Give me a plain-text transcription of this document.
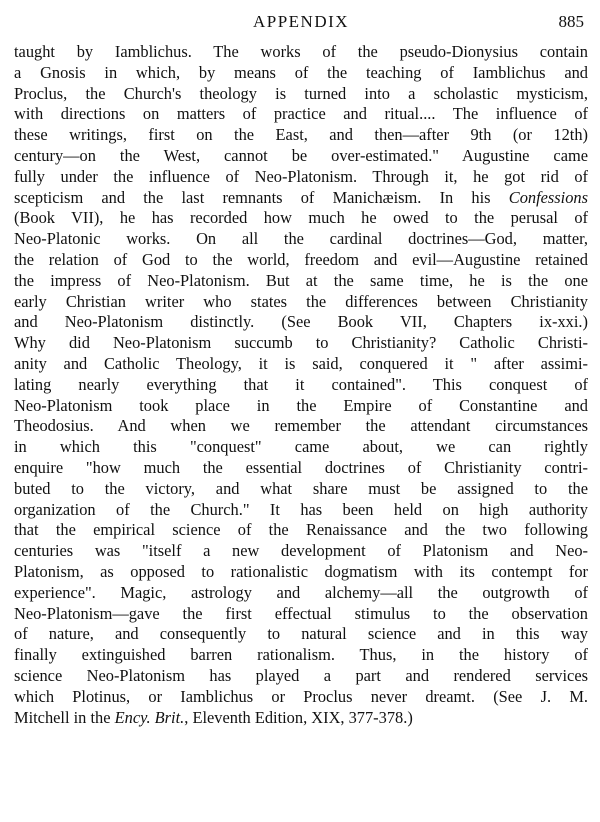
APPENDIX	885
taught by Iamblichus. The works of the pseudo-Dionysius contain
a Gnosis in which, by means of the teaching of Iamblichus and
Proclus, the Church's theology is turned into a scholastic mysticism,
with directions on matters of practice and ritual.... The influence of
these writings, first on the East, and then—after 9th (or 12th)
century—on the West, cannot be over-estimated." Augustine came
fully under the influence of Neo-Platonism. Through it, he got rid of
scepticism and the last remnants of Manichæism. In his Confessions
(Book VII), he has recorded how much he owed to the perusal of
Neo-Platonic works. On all the cardinal doctrines—God, matter,
the relation of God to the world, freedom and evil—Augustine retained
the impress of Neo-Platonism. But at the same time, he is the one
early Christian writer who states the differences between Christianity
and Neo-Platonism distinctly. (See Book VII, Chapters ix-xxi.)
Why did Neo-Platonism succumb to Christianity? Catholic Christi-
anity and Catholic Theology, it is said, conquered it " after assimi-
lating nearly everything that it contained". This conquest of
Neo-Platonism took place in the Empire of Constantine and
Theodosius. And when we remember the attendant circumstances
in which this "conquest" came about, we can rightly
enquire "how much the essential doctrines of Christianity contri-
buted to the victory, and what share must be assigned to the
organization of the Church." It has been held on high authority
that the empirical science of the Renaissance and the two following
centuries was "itself a new development of Platonism and Neo-
Platonism, as opposed to rationalistic dogmatism with its contempt for
experience". Magic, astrology and alchemy—all the outgrowth of
Neo-Platonism—gave the first effectual stimulus to the observation
of nature, and consequently to natural science and in this way
finally extinguished barren rationalism. Thus, in the history of
science Neo-Platonism has played a part and rendered services
which Plotinus, or Iamblichus or Proclus never dreamt. (See J. M.
Mitchell in the Ency. Brit., Eleventh Edition, XIX, 377-378.)
